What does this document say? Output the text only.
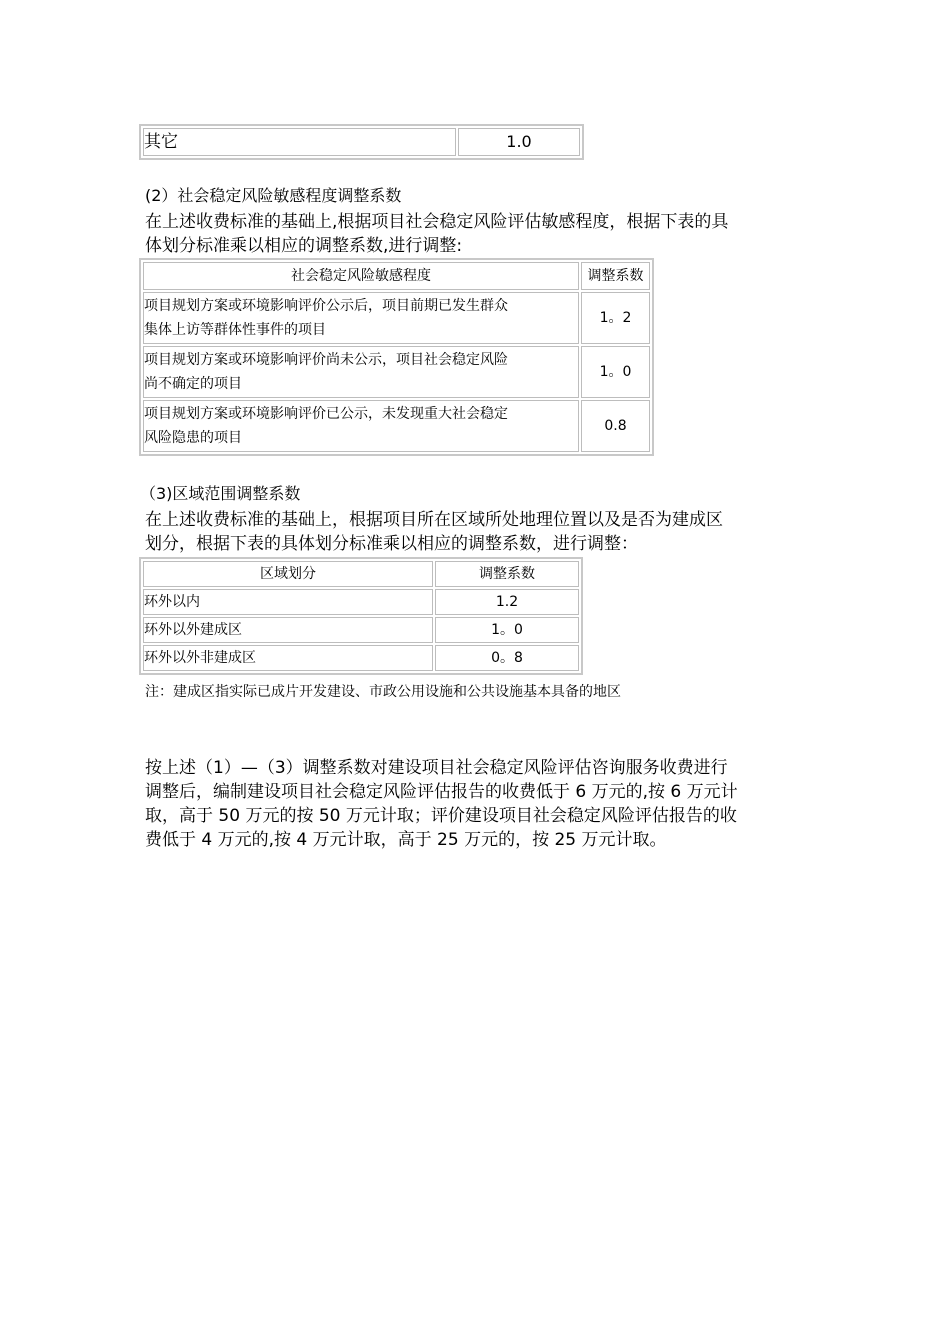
其它	1.0
(2）社会稳定风险敏感程度调整系数
在上述收费标准的基础上,根据项目社会稳定风险评估敏感程度，根据下表的具
体划分标准乘以相应的调整系数,进行调整:
社会稳定风险敏感程度	调整系数

项目规划方案或环境影响评价公示后，项目前期已发生群众
集体上访等群体性事件的项目	1。2

项目规划方案或环境影响评价尚未公示，项目社会稳定风险
尚不确定的项目	1。0

项目规划方案或环境影响评价已公示，未发现重大社会稳定
风险隐患的项目	0.8
（3)区域范围调整系数
在上述收费标准的基础上，根据项目所在区域所处地理位置以及是否为建成区
划分，根据下表的具体划分标准乘以相应的调整系数，进行调整：
区域划分	调整系数
环外以内	1.2
环外以外建成区	1。0
环外以外非建成区	0。8
注：建成区指实际已成片开发建设、市政公用设施和公共设施基本具备的地区
按上述（1）—（3）调整系数对建设项目社会稳定风险评估咨询服务收费进行
调整后，编制建设项目社会稳定风险评估报告的收费低于 6 万元的,按 6 万元计
取，高于 50 万元的按 50 万元计取；评价建设项目社会稳定风险评估报告的收
费低于 4 万元的,按 4 万元计取，高于 25 万元的，按 25 万元计取。
